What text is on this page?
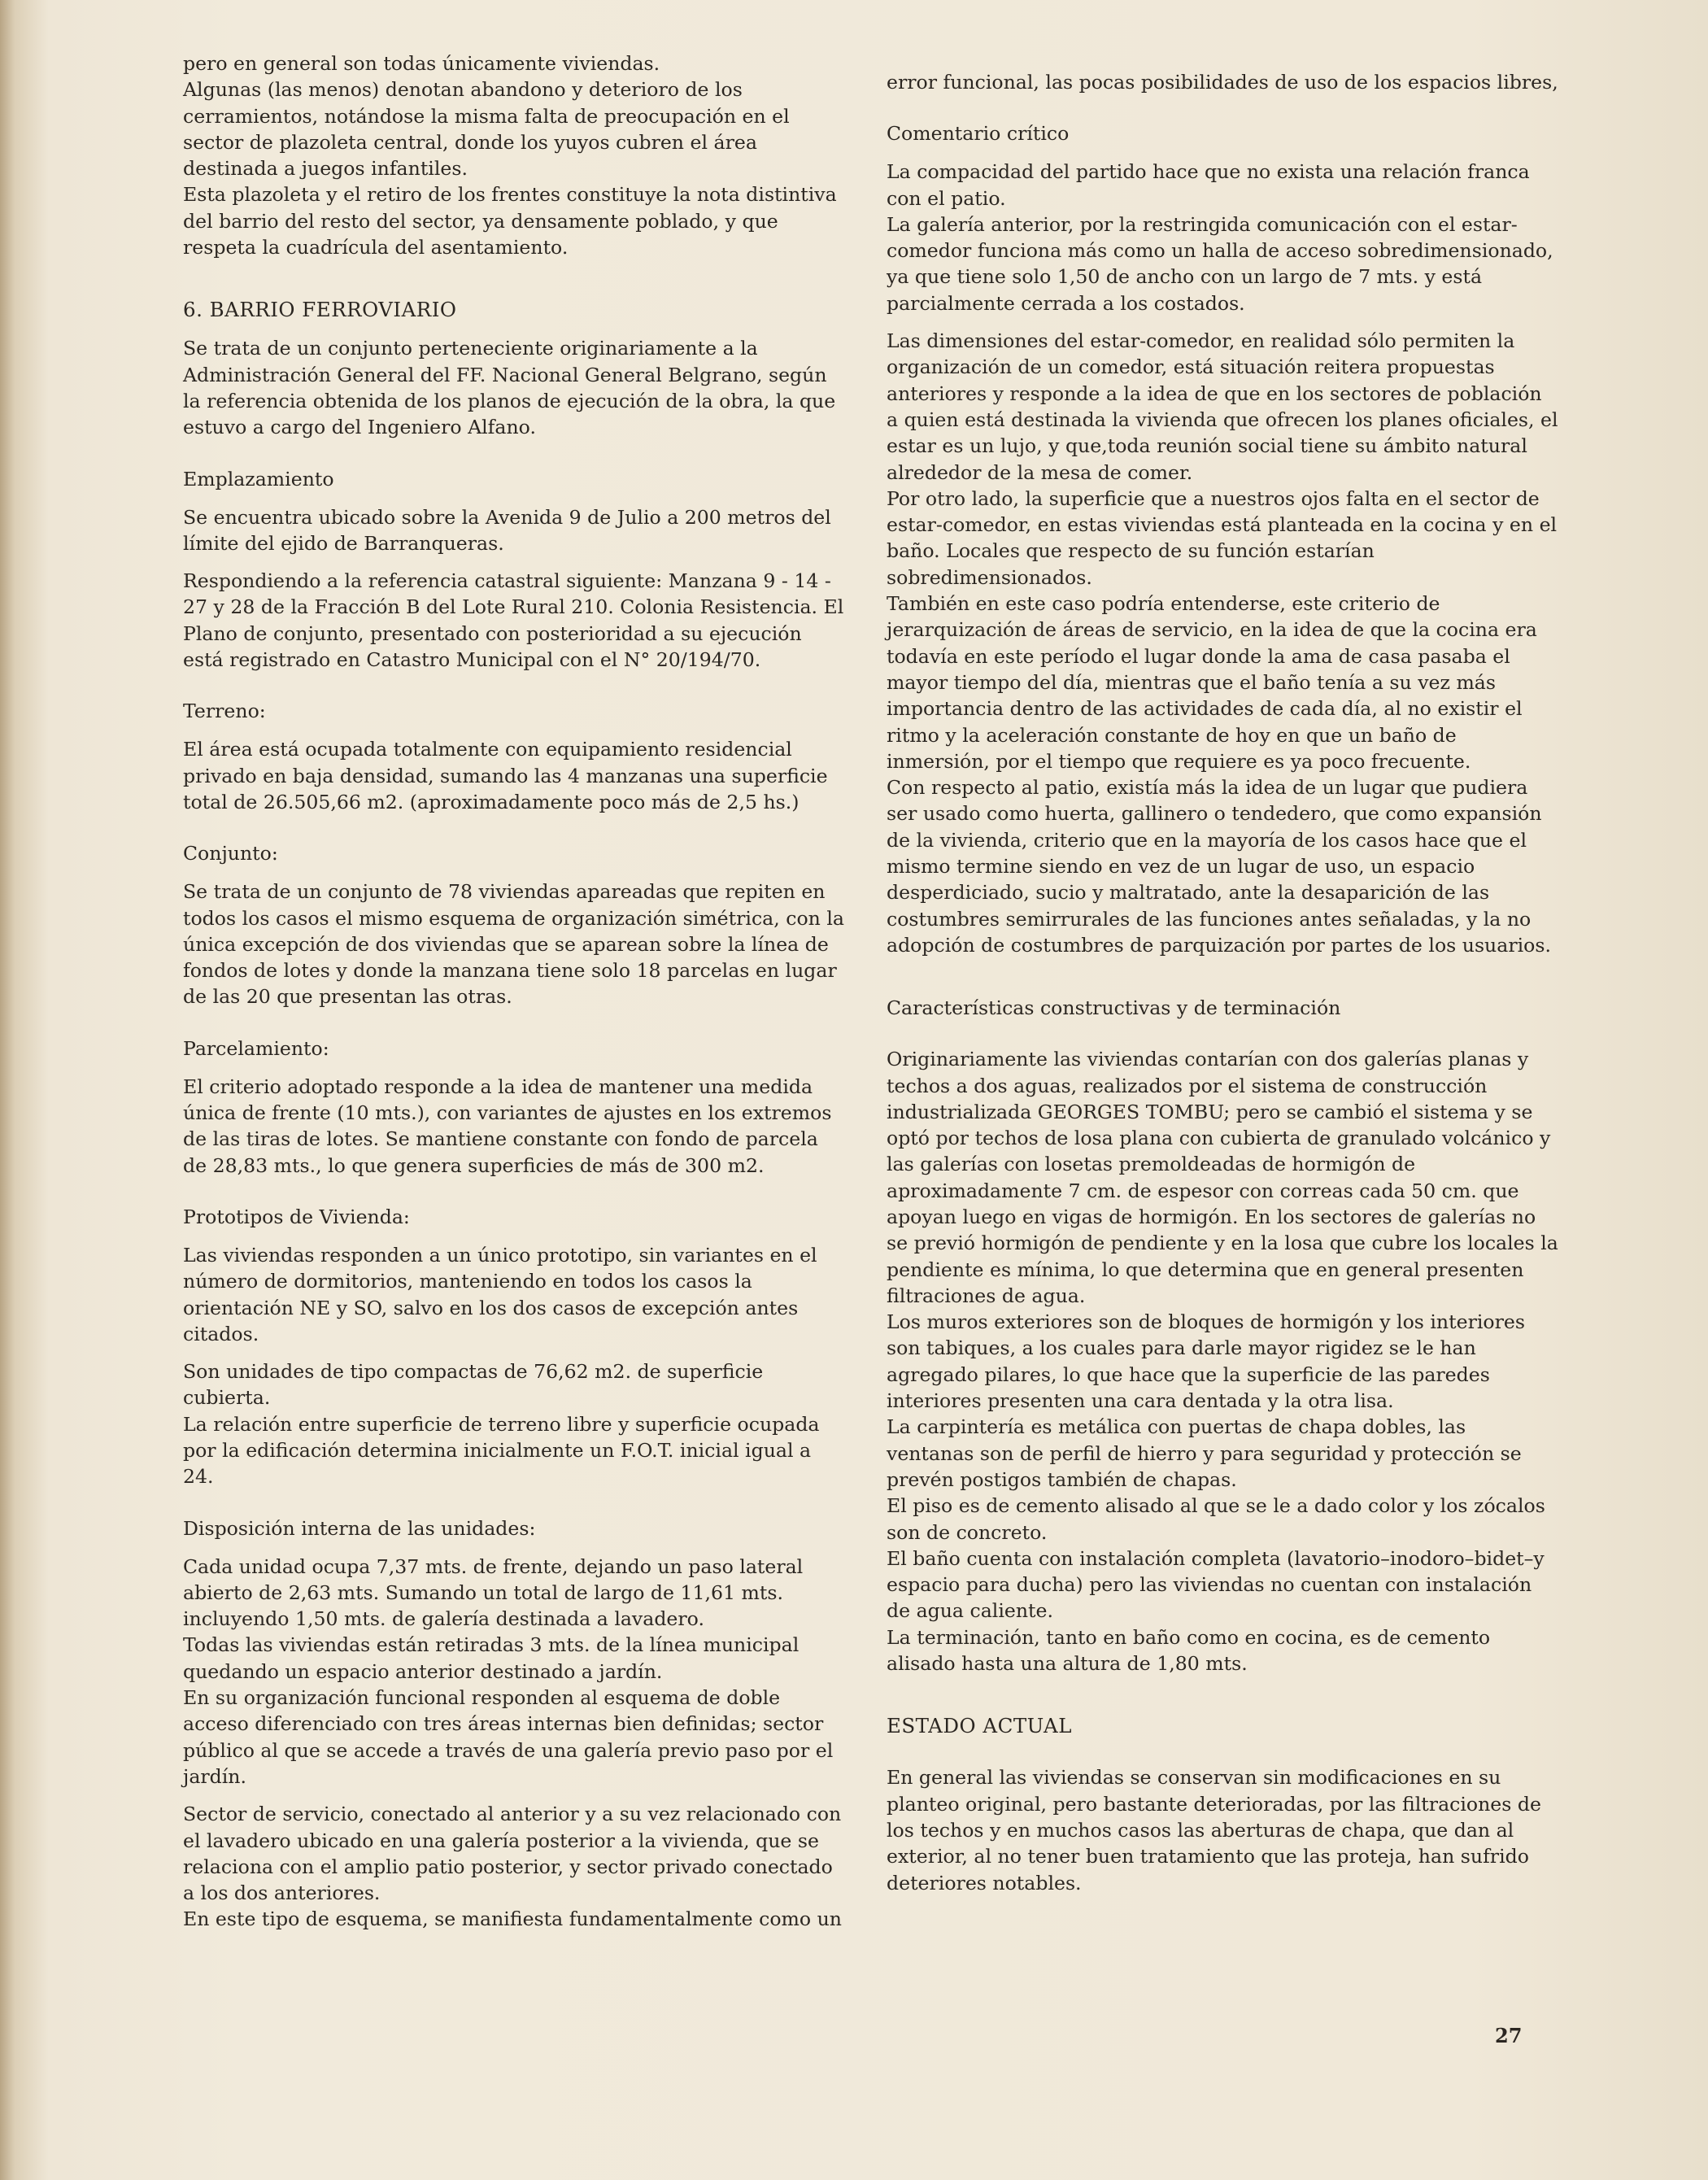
pero en general son todas únicamente viviendas.

Algunas (las menos) denotan abandono y deterioro de los cerramientos, notándose la misma falta de preocupación en el sector de plazoleta central, donde los yuyos cubren el área destinada a juegos infantiles.

Esta plazoleta y el retiro de los frentes constituye la nota distintiva del barrio del resto del sector, ya densamente poblado, y que respeta la cuadrícula del asentamiento.

6. BARRIO FERROVIARIO

Se trata de un conjunto perteneciente originariamente a la Administración General del FF. Nacional General Belgrano, según la referencia obtenida de los planos de ejecución de la obra, la que estuvo a cargo del Ingeniero Alfano.

Emplazamiento

Se encuentra ubicado sobre la Avenida 9 de Julio a 200 metros del límite del ejido de Barranqueras.

Respondiendo a la referencia catastral siguiente: Manzana 9 - 14 - 27 y 28 de la Fracción B del Lote Rural 210. Colonia Resistencia. El Plano de conjunto, presentado con posterioridad a su ejecución está registrado en Catastro Municipal con el N° 20/194/70.

Terreno:

El área está ocupada totalmente con equipamiento residencial privado en baja densidad, sumando las 4 manzanas una superficie total de 26.505,66 m2. (aproximadamente poco más de 2,5 hs.)

Conjunto:

Se trata de un conjunto de 78 viviendas apareadas que repiten en todos los casos el mismo esquema de organización simétrica, con la única excepción de dos viviendas que se aparean sobre la línea de fondos de lotes y donde la manzana tiene solo 18 parcelas en lugar de las 20 que presentan las otras.

Parcelamiento:

El criterio adoptado responde a la idea de mantener una medida única de frente (10 mts.), con variantes de ajustes en los extremos de las tiras de lotes. Se mantiene constante con fondo de parcela de 28,83 mts., lo que genera superficies de más de 300 m2.

Prototipos de Vivienda:

Las viviendas responden a un único prototipo, sin variantes en el número de dormitorios, manteniendo en todos los casos la orientación NE y SO, salvo en los dos casos de excepción antes citados.

Son unidades de tipo compactas de 76,62 m2. de superficie cubierta.

La relación entre superficie de terreno libre y superficie ocupada por la edificación determina inicialmente un F.O.T. inicial igual a 24.

Disposición interna de las unidades:

Cada unidad ocupa 7,37 mts. de frente, dejando un paso lateral abierto de 2,63 mts. Sumando un total de largo de 11,61 mts. incluyendo 1,50 mts. de galería destinada a lavadero.

Todas las viviendas están retiradas 3 mts. de la línea municipal quedando un espacio anterior destinado a jardín.

En su organización funcional responden al esquema de doble acceso diferenciado con tres áreas internas bien definidas; sector público al que se accede a través de una galería previo paso por el jardín.

Sector de servicio, conectado al anterior y a su vez relacionado con el lavadero ubicado en una galería posterior a la vivienda, que se relaciona con el amplio patio posterior, y sector privado conectado a los dos anteriores.

En este tipo de esquema, se manifiesta fundamentalmente como un

error funcional, las pocas posibilidades de uso de los espacios libres,

Comentario crítico

La compacidad del partido hace que no exista una relación franca con el patio.

La galería anterior, por la restringida comunicación con el estar-comedor funciona más como un halla de acceso sobredimensionado, ya que tiene solo 1,50 de ancho con un largo de 7 mts. y está parcialmente cerrada a los costados.

Las dimensiones del estar-comedor, en realidad sólo permiten la organización de un comedor, está situación reitera propuestas anteriores y responde a la idea de que en los sectores de población a quien está destinada la vivienda que ofrecen los planes oficiales, el estar es un lujo, y que,toda reunión social tiene su ámbito natural alrededor de la mesa de comer.

Por otro lado, la superficie que a nuestros ojos falta en el sector de estar-comedor, en estas viviendas está planteada en la cocina y en el baño. Locales que respecto de su función estarían sobredimensionados.

También en este caso podría entenderse, este criterio de jerarquización de áreas de servicio, en la idea de que la cocina era todavía en este período el lugar donde la ama de casa pasaba el mayor tiempo del día, mientras que el baño tenía a su vez más importancia dentro de las actividades de cada día, al no existir el ritmo y la aceleración constante de hoy en que un baño de inmersión, por el tiempo que requiere es ya poco frecuente.

Con respecto al patio, existía más la idea de un lugar que pudiera ser usado como huerta, gallinero o tendedero, que como expansión de la vivienda, criterio que en la mayoría de los casos hace que el mismo termine siendo en vez de un lugar de uso, un espacio desperdiciado, sucio y maltratado, ante la desaparición de las costumbres semirrurales de las funciones antes señaladas, y la no adopción de costumbres de parquización por partes de los usuarios.

Características constructivas y de terminación

Originariamente las viviendas contarían con dos galerías planas y techos a dos aguas, realizados por el sistema de construcción industrializada GEORGES TOMBU; pero se cambió el sistema y se optó por techos de losa plana con cubierta de granulado volcánico y las galerías con losetas premoldeadas de hormigón de aproximadamente 7 cm. de espesor con correas cada 50 cm. que apoyan luego en vigas de hormigón. En los sectores de galerías no se previó hormigón de pendiente y en la losa que cubre los locales la pendiente es mínima, lo que determina que en general presenten filtraciones de agua.

Los muros exteriores son de bloques de hormigón y los interiores son tabiques, a los cuales para darle mayor rigidez se le han agregado pilares, lo que hace que la superficie de las paredes interiores presenten una cara dentada y la otra lisa.

La carpintería es metálica con puertas de chapa dobles, las ventanas son de perfil de hierro y para seguridad y protección se prevén postigos también de chapas.

El piso es de cemento alisado al que se le a dado color y los zócalos son de concreto.

El baño cuenta con instalación completa (lavatorio–inodoro–bidet–y espacio para ducha) pero las viviendas no cuentan con instalación de agua caliente.

La terminación, tanto en baño como en cocina, es de cemento alisado hasta una altura de 1,80 mts.

ESTADO ACTUAL

En general las viviendas se conservan sin modificaciones en su planteo original, pero bastante deterioradas, por las filtraciones de los techos y en muchos casos las aberturas de chapa, que dan al exterior, al no tener buen tratamiento que las proteja, han sufrido deteriores notables.

27
